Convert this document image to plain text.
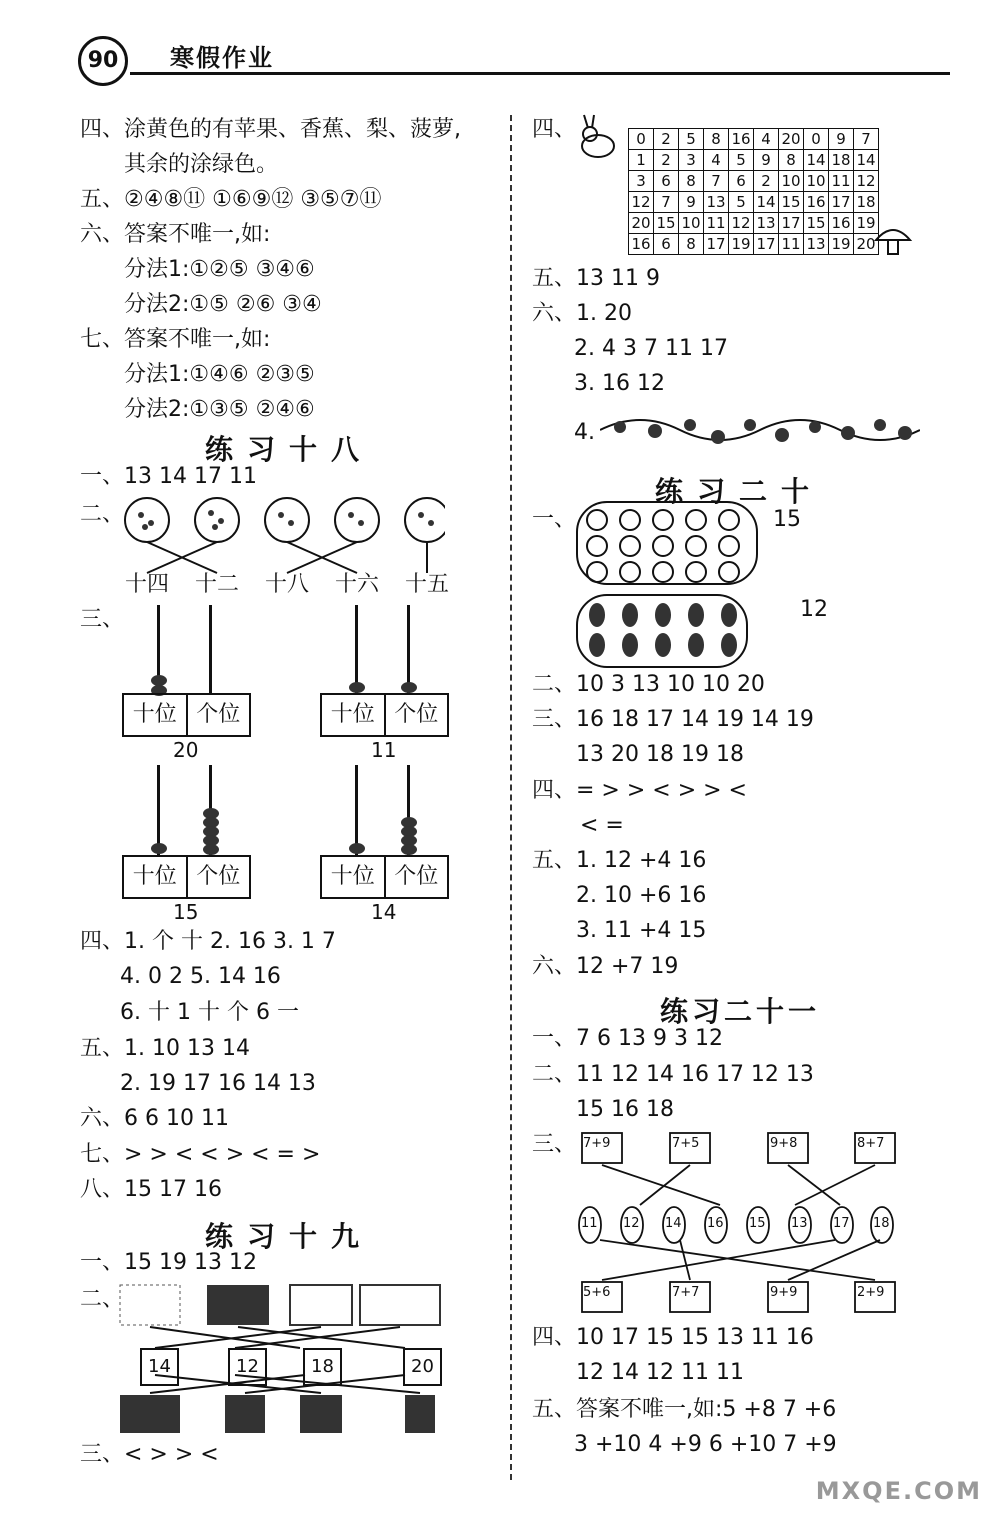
90	寒假作业
四、涂黄色的有苹果、香蕉、梨、菠萝,
其余的涂绿色。
五、②④⑧⑪ ①⑥⑨⑫ ③⑤⑦⑪
六、答案不唯一,如:
分法1:①②⑤ ③④⑥
分法2:①⑤ ②⑥ ③④
七、答案不唯一,如:
分法1:①④⑥ ②③⑤
分法2:①③⑤ ②④⑥
练习十八
一、13 14 17 11
二、
十四 十二 十八 十六 十五
三、
十位 个位
20
十位 个位
11
十位 个位
15
十位 个位
14
四、1. 个 十 2. 16 3. 1 7
4. 0 2 5. 14 16
6. 十 1 十 个 6 一
五、1. 10 13 14
2. 19 17 16 14 13
六、6 6 10 11
七、> > < < > < = >
八、15 17 16
练习十九
一、15 19 13 12
二、
14	12	18	20
三、< > > <
四、	0	2	5	8	16	4	20	0	9	7
1	2	3	4	5	9	8	14	18	14
3	6	8	7	6	2	10	10	11	12
12	7	9	13	5	14	15	16	17	18
20	15	10	11	12	13	17	15	16	19
16	6	8	17	19	17	11	13	19	20
五、13 11 9
六、1. 20
2. 4 3 7 11 17
3. 16 12
4.
练习二十
一、	15
12
二、10 3 13 10 10 20
三、16 18 17 14 19 14 19
13 20 18 19 18
四、= > > < > > <
< =
五、1. 12 +4 16
2. 10 +6 16
3. 11 +4 15
六、12 +7 19
练习二十一
一、7 6 13 9 3 12
二、11 12 14 16 17 12 13
15 16 18
三、 7+9	7+5	9+8	8+7
11 12 14 16 15 13 17 18
5+6	7+7	9+9	2+9
四、10 17 15 15 13 11 16
12 14 12 11 11
五、答案不唯一,如:5 +8 7 +6
3 +10 4 +9 6 +10 7 +9
MXQE.COM
